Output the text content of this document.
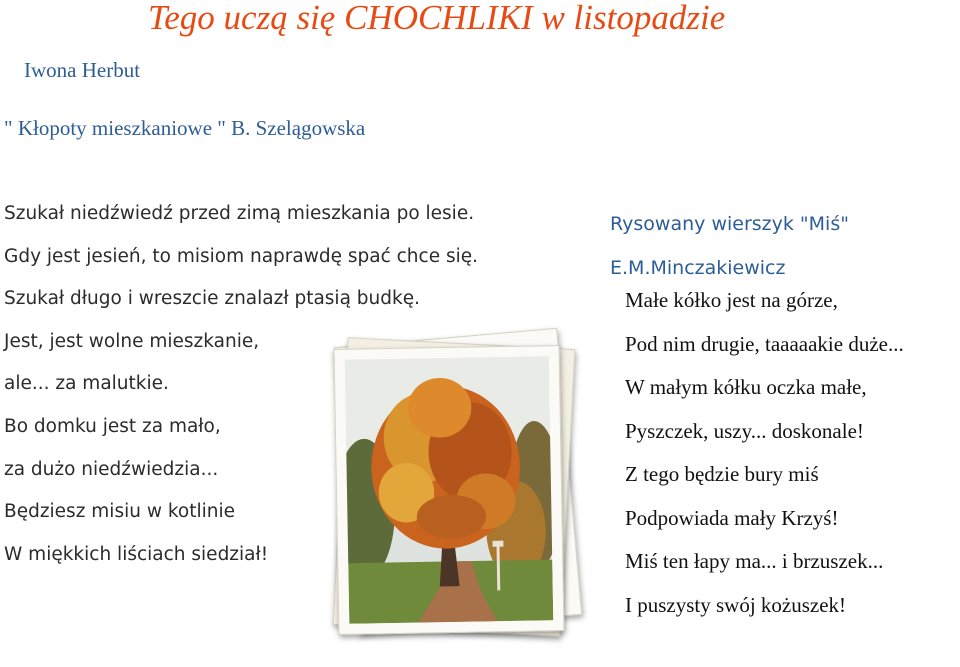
Tego uczą się CHOCHLIKI w listopadzie
Iwona Herbut
" Kłopoty mieszkaniowe " B. Szelągowska
Szukał niedźwiedź przed zimą mieszkania po lesie.
Gdy jest jesień, to misiom naprawdę spać chce się.
Szukał długo i wreszcie znalazł ptasią budkę.
Jest, jest wolne mieszkanie,
ale... za malutkie.
Bo domku jest za mało,
za dużo niedźwiedzia...
Będziesz misiu w kotlinie
W miękkich liściach siedział!
Rysowany wierszyk "Miś"
E.M.Minczakiewicz
Małe kółko jest na górze,
Pod nim drugie, taaaaakie duże...
W małym kółku oczka małe,
Pyszczek, uszy... doskonale!
Z tego będzie bury miś
Podpowiada mały Krzyś!
Miś ten łapy ma... i brzuszek...
I puszysty swój kożuszek!
